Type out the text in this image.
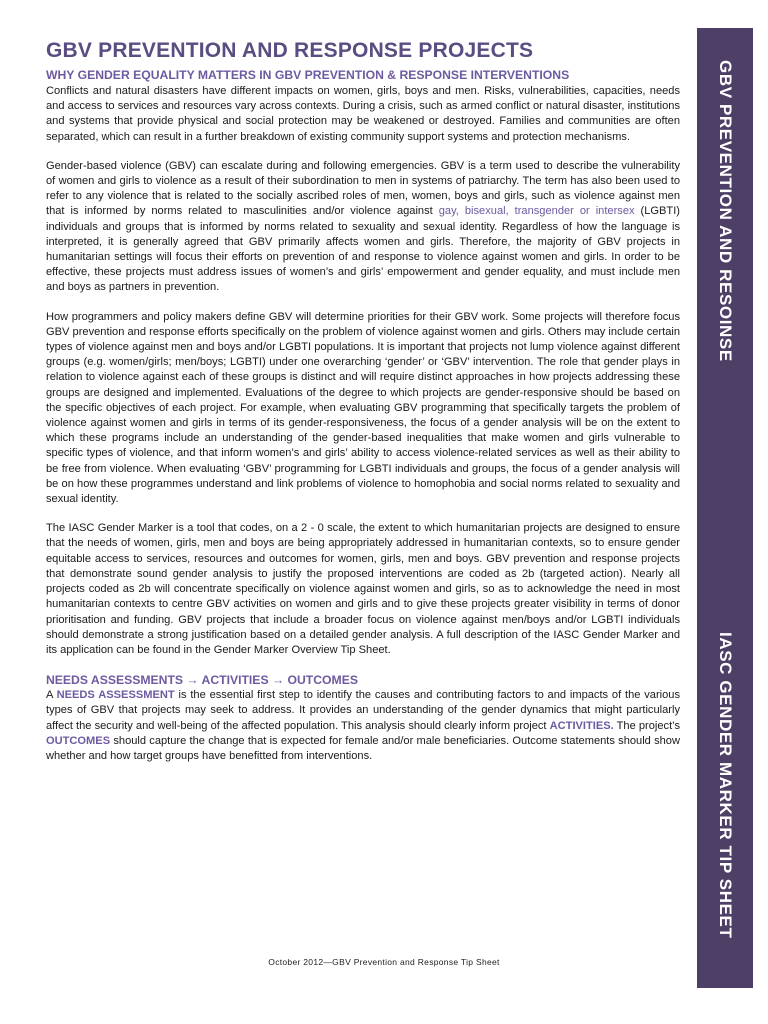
GBV PREVENTION AND RESPONSE PROJECTS
WHY GENDER EQUALITY MATTERS IN GBV PREVENTION & RESPONSE INTERVENTIONS

Conflicts and natural disasters have different impacts on women, girls, boys and men. Risks, vulnerabilities, capacities, needs and access to services and resources vary across contexts. During a crisis, such as armed conflict or natural disaster, institutions and systems that provide physical and social protection may be weakened or destroyed. Families and communities are often separated, which can result in a further breakdown of existing community support systems and protection mechanisms.

Gender-based violence (GBV) can escalate during and following emergencies. GBV is a term used to describe the vulnerability of women and girls to violence as a result of their subordination to men in systems of patriarchy. The term has also been used to refer to any violence that is related to the socially ascribed roles of men, women, boys and girls, such as violence against men that is informed by norms related to masculinities and/or violence against gay, bisexual, transgender or intersex (LGBTI) individuals and groups that is informed by norms related to sexuality and sexual identity. Regardless of how the language is interpreted, it is generally agreed that GBV primarily affects women and girls. Therefore, the majority of GBV projects in humanitarian settings will focus their efforts on prevention of and response to violence against women and girls. In order to be effective, these projects must address issues of women’s and girls’ empowerment and gender equality, and must include men and boys as partners in prevention.

How programmers and policy makers define GBV will determine priorities for their GBV work. Some projects will therefore focus GBV prevention and response efforts specifically on the problem of violence against women and girls. Others may include certain types of violence against men and boys and/or LGBTI populations. It is important that projects not lump violence against different groups (e.g. women/girls; men/boys; LGBTI) under one overarching ‘gender’ or ‘GBV’ intervention. The role that gender plays in relation to violence against each of these groups is distinct and will require distinct approaches in how projects addressing these groups are designed and implemented. Evaluations of the degree to which projects are gender-responsive should be based on the specific objectives of each project. For example, when evaluating GBV programming that specifically targets the problem of violence against women and girls in terms of its gender-responsiveness, the focus of a gender analysis will be on the extent to which these programs include an understanding of the gender-based inequalities that make women and girls vulnerable to specific types of violence, and that inform women’s and girls’ ability to access violence-related services as well as their ability to be free from violence. When evaluating ‘GBV’ programming for LGBTI individuals and groups, the focus of a gender analysis will be on how these programmes understand and link problems of violence to homophobia and social norms related to sexuality and sexual identity.

The IASC Gender Marker is a tool that codes, on a 2 - 0 scale, the extent to which humanitarian projects are designed to ensure that the needs of women, girls, men and boys are being appropriately addressed in humanitarian contexts, so to ensure gender equitable access to services, resources and outcomes for women, girls, men and boys. GBV prevention and response projects that demonstrate sound gender analysis to justify the proposed interventions are coded as 2b (targeted action). Nearly all projects coded as 2b will concentrate specifically on violence against women and girls, so as to acknowledge the need in most humanitarian contexts to centre GBV activities on women and girls and to give these projects greater visibility in terms of donor prioritisation and funding. GBV projects that include a broader focus on violence against men/boys and/or LGBTI individuals should demonstrate a strong justification based on a detailed gender analysis. A full description of the IASC Gender Marker and its application can be found in the Gender Marker Overview Tip Sheet.

NEEDS ASSESSMENTS → ACTIVITIES → OUTCOMES

A NEEDS ASSESSMENT is the essential first step to identify the causes and contributing factors to and impacts of the various types of GBV that projects may seek to address. It provides an understanding of the gender dynamics that might particularly affect the security and well-being of the affected population. This analysis should clearly inform project ACTIVITIES. The project’s OUTCOMES should capture the change that is expected for female and/or male beneficiaries. Outcome statements should show whether and how target groups have benefitted from interventions.

October 2012—GBV Prevention and Response Tip Sheet
GBV PREVENTION AND RESOINSE
IASC GENDER MARKER TIP SHEET
